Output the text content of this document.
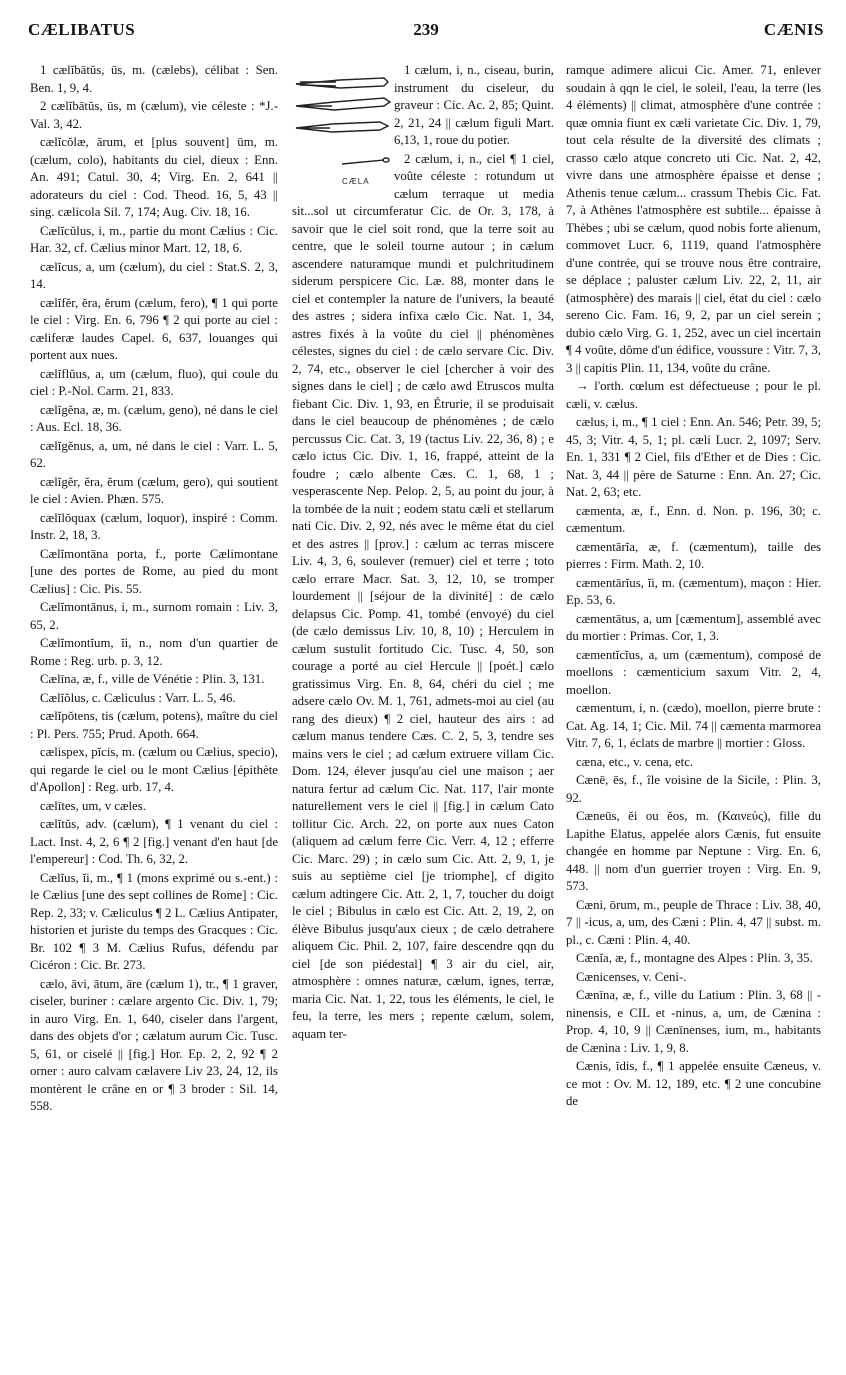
CÆLIBATUS	239	CÆNIS

1 cælĭbātŭs, ūs, m. (cælebs), célibat : Sen. Ben. 1, 9, 4.

2 cælĭbātŭs, ūs, m (cælum), vie céleste : *J.-Val. 3, 42.

cælĭcŏlæ, ārum, et [plus souvent] ūm, m. (cælum, colo), habitants du ciel, dieux : Enn. An. 491; Catul. 30, 4; Virg. En. 2, 641 || adorateurs du ciel : Cod. Theod. 16, 5, 43 || sing. cælicola Sil. 7, 174; Aug. Civ. 18, 16.

Cælĭcŭlus, i, m., partie du mont Cælius : Cic. Har. 32, cf. Cælius minor Mart. 12, 18, 6.

cælĭcus, a, um (cælum), du ciel : Stat.S. 2, 3, 14.

cælĭfĕr, ĕra, ĕrum (cælum, fero), ¶ 1 qui porte le ciel : Virg. En. 6, 796 ¶ 2 qui porte au ciel : cæliferæ laudes Capel. 6, 637, louanges qui portent aux nues.

cælĭflŭus, a, um (cælum, fluo), qui coule du ciel : P.-Nol. Carm. 21, 833.

cælĭgĕna, æ, m. (cælum, geno), né dans le ciel : Aus. Ecl. 18, 36.

cælĭgĕnus, a, um, né dans le ciel : Varr. L. 5, 62.

cælĭgĕr, ĕra, ĕrum (cælum, gero), qui soutient le ciel : Avien. Phæn. 575.

cælĭlŏquax (cælum, loquor), inspiré : Comm. Instr. 2, 18, 3.

Cælĭmontāna porta, f., porte Cælimontane [une des portes de Rome, au pied du mont Cælius] : Cic. Pis. 55.

Cælĭmontānus, i, m., surnom romain : Liv. 3, 65, 2.

Cælĭmontĭum, ĭi, n., nom d'un quartier de Rome : Reg. urb. p. 3, 12.

Cælīna, æ, f., ville de Vénétie : Plin. 3, 131.

Cælĭŏlus, c. Cæliculus : Varr. L. 5, 46.

cælĭpŏtens, tis (cælum, potens), maître du ciel : Pl. Pers. 755; Prud. Apoth. 664.

cælispex, pĭcis, m. (cælum ou Cælius, specio), qui regarde le ciel ou le mont Cælius [épithète d'Apollon] : Reg. urb. 17, 4.

cælītes, um, v cæles.

cælĭtŭs, adv. (cælum), ¶ 1 venant du ciel : Lact. Inst. 4, 2, 6 ¶ 2 [fig.] venant d'en haut [de l'empereur] : Cod. Th. 6, 32, 2.

Cælĭus, ĭi, m., ¶ 1 (mons exprimé ou s.-ent.) : le Cælius [une des sept collines de Rome] : Cic. Rep. 2, 33; v. Cæliculus ¶ 2 L. Cælius Antipater, historien et juriste du temps des Gracques : Cic. Br. 102 ¶ 3 M. Cælius Rufus, défendu par Cicéron : Cic. Br. 273.

cælo, āvi, ātum, āre (cælum 1), tr., ¶ 1 graver, ciseler, buriner : cælare argento Cic. Div. 1, 79; in auro Virg. En. 1, 640, ciseler dans l'argent, dans des objets d'or ; cælatum aurum Cic. Tusc. 5, 61, or ciselé || [fig.] Hor. Ep. 2, 2, 92 ¶ 2 orner : auro calvam cælavere Liv 23, 24, 12, ils montèrent le crâne en or ¶ 3 broder : Sil. 14, 558.

CÆLA

1 cælum, i, n., ciseau, burin, instrument du ciseleur, du graveur : Cic. Ac. 2, 85; Quint. 2, 21, 24 || cælum figuli Mart. 6,13, 1, roue du potier.

2 cælum, i, n., ciel ¶ 1 ciel, voûte céleste : rotundum ut cælum terraque ut media sit...sol ut circumferatur Cic. de Or. 3, 178, à savoir que le ciel soit rond, que la terre soit au centre, que le soleil tourne autour ; in cælum ascendere naturamque mundi et pulchritudinem siderum perspicere Cic. Læ. 88, monter dans le ciel et contempler la nature de l'univers, la beauté des astres ; sidera infixa cælo Cic. Nat. 1, 34, astres fixés à la voûte du ciel || phénomènes célestes, signes du ciel : de cælo servare Cic. Div. 2, 74, etc., observer le ciel [chercher à voir des signes dans le ciel] ; de cælo awd Etruscos multa fiebant Cic. Div. 1, 93, en Étrurie, il se produisait dans le ciel beaucoup de phénomènes ; de cælo percussus Cic. Cat. 3, 19 (tactus Liv. 22, 36, 8) ; e cælo ictus Cic. Div. 1, 16, frappé, atteint de la foudre ; cælo albente Cæs. C. 1, 68, 1 ; vesperascente Nep. Pelop. 2, 5, au point du jour, à la tombée de la nuit ; eodem statu cæli et stellarum nati Cic. Div. 2, 92, nés avec le même état du ciel et des astres || [prov.] : cælum ac terras miscere Liv. 4, 3, 6, soulever (remuer) ciel et terre ; toto cælo errare Macr. Sat. 3, 12, 10, se tromper lourdement || [séjour de la divinité] : de cælo delapsus Cic. Pomp. 41, tombé (envoyé) du ciel (de cælo demissus Liv. 10, 8, 10) ; Herculem in cælum sustulit fortitudo Cic. Tusc. 4, 50, son courage a porté au ciel Hercule || [poét.] cælo gratissimus Virg. En. 8, 64, chéri du ciel ; me adsere cælo Ov. M. 1, 761, admets-moi au ciel (au rang des dieux) ¶ 2 ciel, hauteur des airs : ad cælum manus tendere Cæs. C. 2, 5, 3, tendre ses mains vers le ciel ; ad cælum extruere villam Cic. Dom. 124, élever jusqu'au ciel une maison ; aer natura fertur ad cælum Cic. Nat. 117, l'air monte naturellement vers le ciel || [fig.] in cælum Cato tollitur Cic. Arch. 22, on porte aux nues Caton (aliquem ad cælum ferre Cic. Verr. 4, 12 ; efferre Cic. Marc. 29) ; in cælo sum Cic. Att. 2, 9, 1, je suis au septième ciel [je triomphe], cf digito cælum adtingere Cic. Att. 2, 1, 7, toucher du doigt le ciel ; Bibulus in cælo est Cic. Att. 2, 19, 2, on élève Bibulus jusqu'aux cieux ; de cælo detrahere aliquem Cic. Phil. 2, 107, faire descendre qqn du ciel [de son piédestal] ¶ 3 air du ciel, air, atmosphère : omnes naturæ, cælum, ignes, terræ, maria Cic. Nat. 1, 22, tous les éléments, le ciel, le feu, la terre, les mers ; repente cælum, solem, aquam ter-

ramque adimere alicui Cic. Amer. 71, enlever soudain à qqn le ciel, le soleil, l'eau, la terre (les 4 éléments) || climat, atmosphère d'une contrée : quæ omnia fiunt ex cæli varietate Cic. Div. 1, 79, tout cela résulte de la diversité des climats ; crasso cælo atque concreto uti Cic. Nat. 2, 42, vivre dans une atmosphère épaisse et dense ; Athenis tenue cælum... crassum Thebis Cic. Fat. 7, à Athènes l'atmosphère est subtile... épaisse à Thèbes ; ubi se cælum, quod nobis forte alienum, commovet Lucr. 6, 1119, quand l'atmosphère d'une contrée, qui se trouve nous être contraire, se déplace ; paluster cælum Liv. 22, 2, 11, air (atmosphère) des marais || ciel, état du ciel : cælo sereno Cic. Fam. 16, 9, 2, par un ciel serein ; dubio cælo Virg. G. 1, 252, avec un ciel incertain ¶ 4 voûte, dôme d'un édifice, voussure : Vitr. 7, 3, 3 || capitis Plin. 11, 134, voûte du crâne.

→ l'orth. cœlum est défectueuse ; pour le pl. cæli, v. cælus.

cælus, i, m., ¶ 1 ciel : Enn. An. 546; Petr. 39, 5; 45, 3; Vitr. 4, 5, 1; pl. cæli Lucr. 2, 1097; Serv. En. 1, 331 ¶ 2 Ciel, fils d'Ether et de Dies : Cic. Nat. 3, 44 || père de Saturne : Enn. An. 27; Cic. Nat. 2, 63; etc.

cæmenta, æ, f., Enn. d. Non. p. 196, 30; c. cæmentum.

cæmentārĭa, æ, f. (cæmentum), taille des pierres : Firm. Math. 2, 10.

cæmentārĭus, ĭi, m. (cæmentum), maçon : Hier. Ep. 53, 6.

cæmentātus, a, um [cæmentum], assemblé avec du mortier : Primas. Cor, 1, 3.

cæmentĭcĭus, a, um (cæmentum), composé de moellons : cæmenticium saxum Vitr. 2, 4, moellon.

cæmentum, i, n. (cædo), moellon, pierre brute : Cat. Ag. 14, 1; Cic. Mil. 74 || cæmenta marmorea Vitr. 7, 6, 1, éclats de marbre || mortier : Gloss.

cæna, etc., v. cena, etc.

Cænē, ēs, f., île voisine de la Sicile, : Plin. 3, 92.

Cæneūs, ĕi ou ĕos, m. (Καινεύς), fille du Lapithe Elatus, appelée alors Cænis, fut ensuite changée en homme par Neptune : Virg. En. 6, 448. || nom d'un guerrier troyen : Virg. En. 9, 573.

Cæni, ōrum, m., peuple de Thrace : Liv. 38, 40, 7 || -icus, a, um, des Cæni : Plin. 4, 47 || subst. m. pl., c. Cæni : Plin. 4, 40.

Cænĭa, æ, f., montagne des Alpes : Plin. 3, 35.

Cænicenses, v. Ceni-.

Cænīna, æ, f., ville du Latium : Plin. 3, 68 || -ninensis, e CIL et -ninus, a, um, de Cænina : Prop. 4, 10, 9 || Cænīnenses, ium, m., habitants de Cænina : Liv. 1, 9, 8.

Cænis, ĭdis, f., ¶ 1 appelée ensuite Cæneus, v. ce mot : Ov. M. 12, 189, etc. ¶ 2 une concubine de
